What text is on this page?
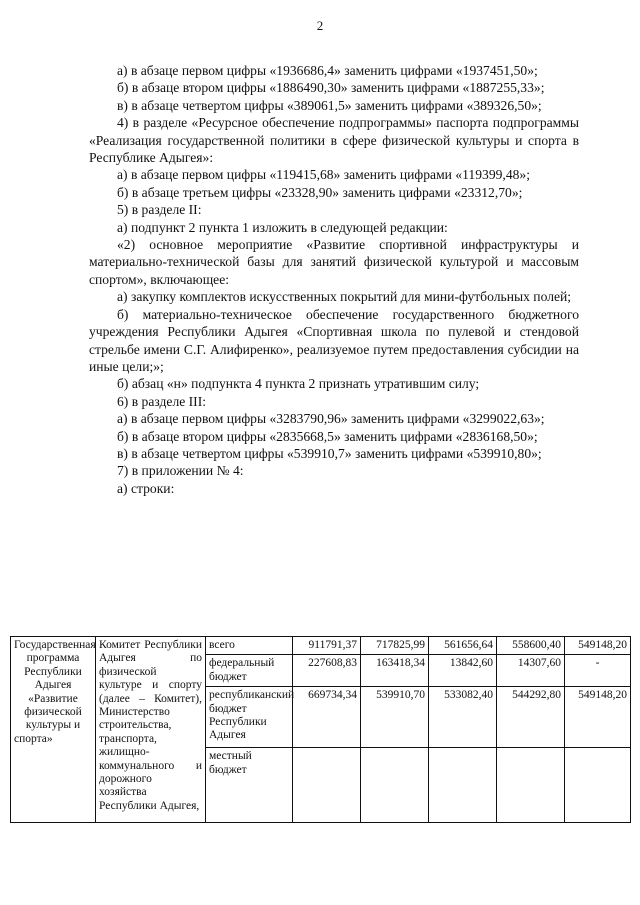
2

а) в абзаце первом цифры «1936686,4» заменить цифрами «1937451,50»;

б) в абзаце втором цифры «1886490,30» заменить цифрами «1887255,33»;

в) в абзаце четвертом цифры «389061,5» заменить цифрами «389326,50»;

4) в разделе «Ресурсное обеспечение подпрограммы» паспорта подпрограммы «Реализация государственной политики в сфере физической культуры и спорта в Республике Адыгея»:

а) в абзаце первом цифры «119415,68» заменить цифрами «119399,48»;

б) в абзаце третьем цифры «23328,90» заменить цифрами «23312,70»;

5) в разделе II:

а) подпункт 2 пункта 1 изложить в следующей редакции:

«2) основное мероприятие «Развитие спортивной инфраструктуры и материально-технической базы для занятий физической культурой и массовым спортом», включающее:

а) закупку комплектов искусственных покрытий для мини-футбольных полей;

б) материально-техническое обеспечение государственного бюджетного учреждения Республики Адыгея «Спортивная школа по пулевой и стендовой стрельбе имени С.Г. Алифиренко», реализуемое путем предоставления субсидии на иные цели;»;

б) абзац «н» подпункта 4 пункта 2 признать утратившим силу;

6) в разделе III:

а) в абзаце первом цифры «3283790,96» заменить цифрами «3299022,63»;

б) в абзаце втором цифры «2835668,5» заменить цифрами «2836168,50»;

в) в абзаце четвертом цифры «539910,7» заменить цифрами «539910,80»;

7) в приложении № 4:

а) строки:

Государственная программа Республики Адыгея «Развитие физической культуры и спорта»	Комитет Республики Адыгея по физической культуре и спорту (далее – Комитет), Министерство строительства, транспорта, жилищно-коммунального и дорожного хозяйства Республики Адыгея,	всего	911791,37	717825,99	561656,64	558600,40	549148,20
		федеральный бюджет	227608,83	163418,34	13842,60	14307,60	-
		республиканский бюджет Республики Адыгея	669734,34	539910,70	533082,40	544292,80	549148,20
		местный бюджет					
